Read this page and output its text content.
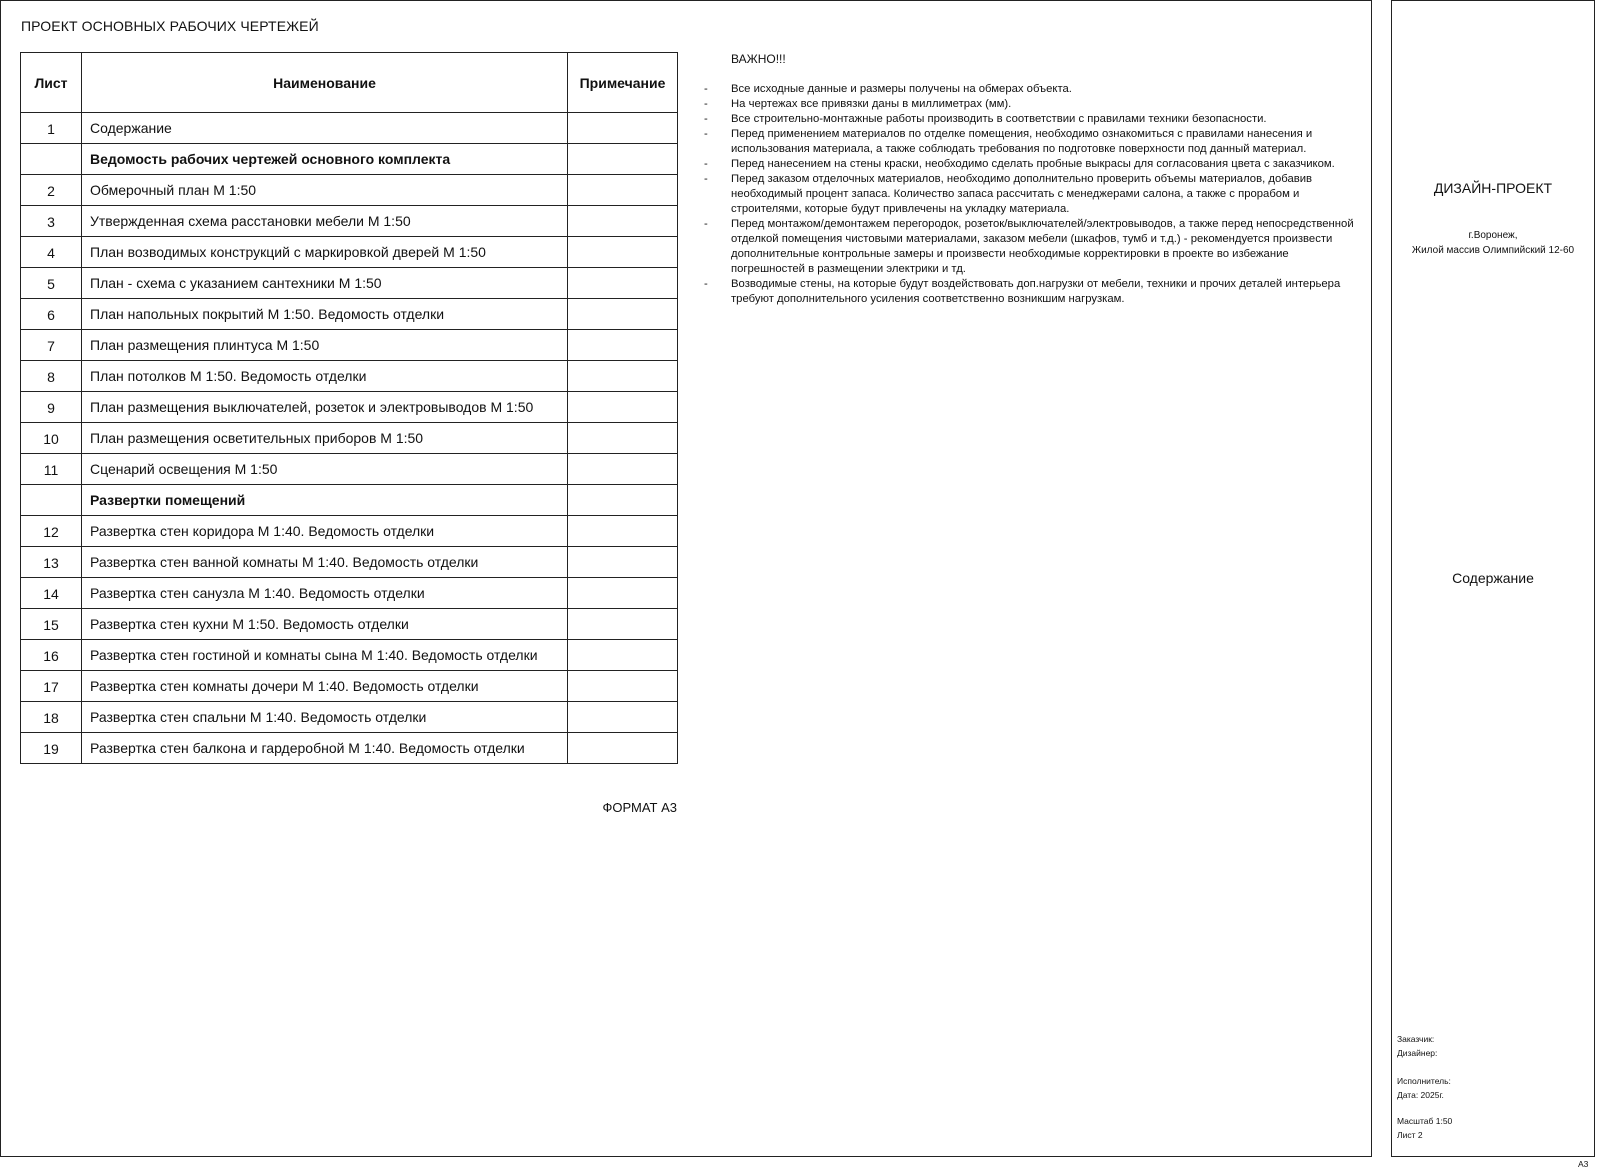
ПРОЕКТ ОСНОВНЫХ РАБОЧИХ ЧЕРТЕЖЕЙ
Лист	Наименование	Примечание
1	Содержание	
	Ведомость рабочих чертежей основного комплекта	
2	Обмерочный план М 1:50	
3	Утвержденная схема расстановки мебели М 1:50	
4	План возводимых конструкций с маркировкой дверей М 1:50	
5	План - схема с указанием сантехники М 1:50	
6	План напольных покрытий М 1:50. Ведомость отделки	
7	План размещения плинтуса М 1:50	
8	План потолков М 1:50. Ведомость отделки	
9	План размещения выключателей, розеток и электровыводов М 1:50	
10	План размещения осветительных приборов М 1:50	
11	Сценарий освещения М 1:50	
	Развертки помещений	
12	Развертка стен коридора М 1:40. Ведомость отделки	
13	Развертка стен ванной комнаты М 1:40. Ведомость отделки	
14	Развертка стен санузла М 1:40. Ведомость отделки	
15	Развертка стен кухни М 1:50. Ведомость отделки	
16	Развертка стен гостиной и комнаты сына М 1:40. Ведомость отделки	
17	Развертка стен комнаты дочери М 1:40. Ведомость отделки	
18	Развертка стен спальни М 1:40. Ведомость отделки	
19	Развертка стен балкона и гардеробной М 1:40. Ведомость отделки	
ФОРМАТ А3
ВАЖНО!!!
- Все исходные данные и размеры получены на обмерах объекта.
- На чертежах все привязки даны в миллиметрах (мм).
- Все строительно-монтажные работы производить в соответствии с правилами техники безопасности.
- Перед применением материалов по отделке помещения, необходимо ознакомиться с правилами нанесения и использования материала, а также соблюдать требования по подготовке поверхности под данный материал.
- Перед нанесением на стены краски, необходимо сделать пробные выкрасы для согласования цвета с заказчиком.
- Перед заказом отделочных материалов, необходимо дополнительно проверить объемы материалов, добавив необходимый процент запаса. Количество запаса рассчитать с менеджерами салона, а также с прорабом и строителями, которые будут привлечены на укладку материала.
- Перед монтажом/демонтажем перегородок, розеток/выключателей/электровыводов, а также перед непосредственной отделкой помещения чистовыми материалами, заказом мебели (шкафов, тумб и т.д.) - рекомендуется произвести дополнительные контрольные замеры и произвести необходимые корректировки в проекте во избежание погрешностей в размещении электрики и тд.
- Возводимые стены, на которые будут воздействовать доп.нагрузки от мебели, техники и прочих деталей интерьера требуют дополнительного усиления соответственно возникшим нагрузкам.
ДИЗАЙН-ПРОЕКТ
г.Воронеж,
Жилой массив Олимпийский 12-60
Содержание
Заказчик:
Дизайнер:
Исполнитель:
Дата: 2025г.
Масштаб 1:50
Лист 2
А3
